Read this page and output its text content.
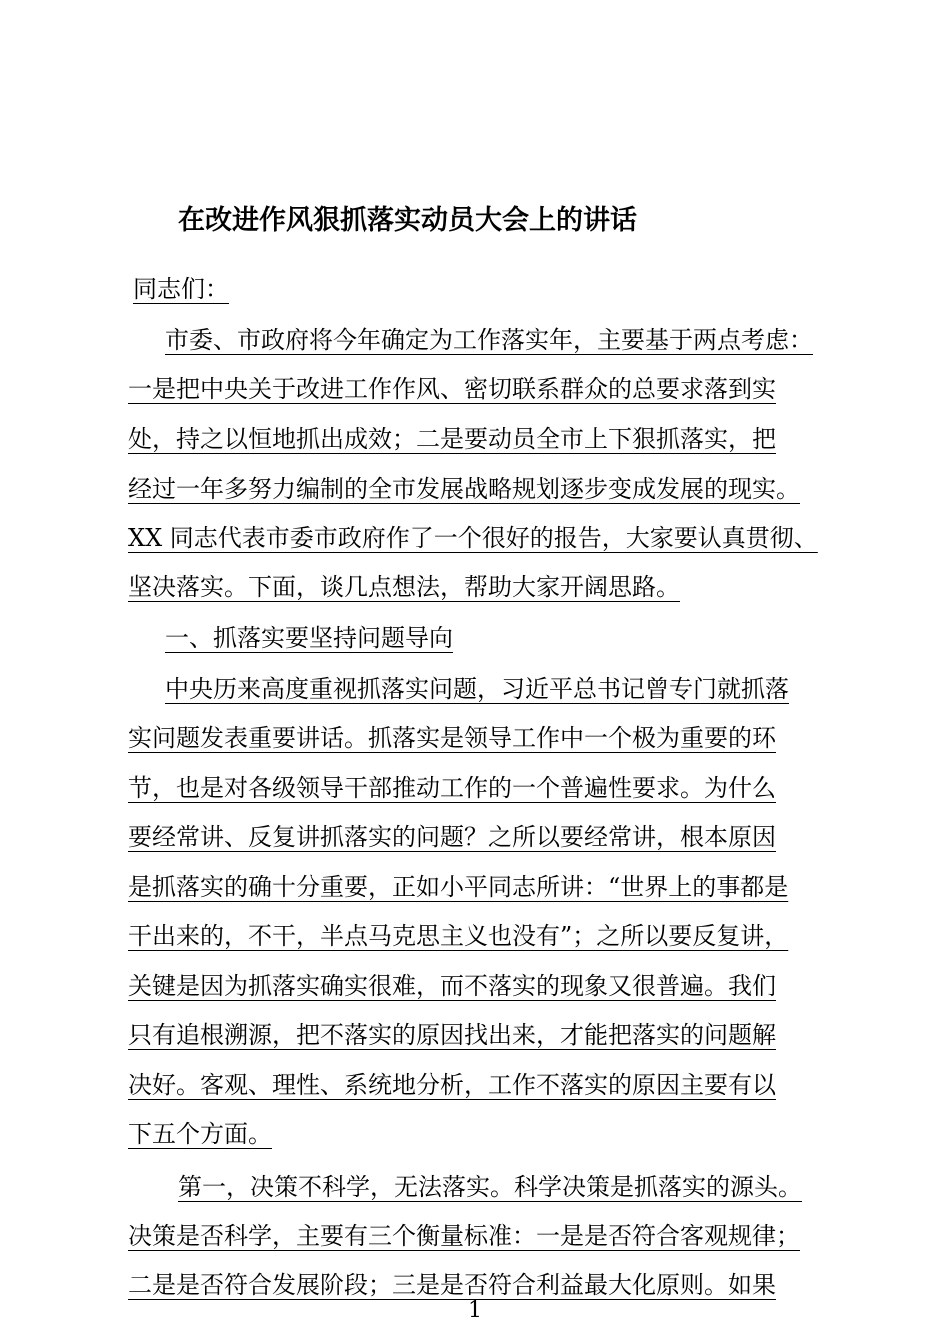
在改进作风狠抓落实动员大会上的讲话
同志们：
市委、市政府将今年确定为工作落实年，主要基于两点考虑：
一是把中央关于改进工作作风、密切联系群众的总要求落到实
处，持之以恒地抓出成效；二是要动员全市上下狠抓落实，把
经过一年多努力编制的全市发展战略规划逐步变成发展的现实。
XX 同志代表市委市政府作了一个很好的报告，大家要认真贯彻、
坚决落实。下面，谈几点想法，帮助大家开阔思路。
一、抓落实要坚持问题导向
中央历来高度重视抓落实问题，习近平总书记曾专门就抓落
实问题发表重要讲话。抓落实是领导工作中一个极为重要的环
节，也是对各级领导干部推动工作的一个普遍性要求。为什么
要经常讲、反复讲抓落实的问题？之所以要经常讲，根本原因
是抓落实的确十分重要，正如小平同志所讲：“世界上的事都是
干出来的，不干，半点马克思主义也没有”；之所以要反复讲，
关键是因为抓落实确实很难，而不落实的现象又很普遍。我们
只有追根溯源，把不落实的原因找出来，才能把落实的问题解
决好。客观、理性、系统地分析，工作不落实的原因主要有以
下五个方面。
第一，决策不科学，无法落实。科学决策是抓落实的源头。
决策是否科学，主要有三个衡量标准：一是是否符合客观规律；
二是是否符合发展阶段；三是是否符合利益最大化原则。如果
1
